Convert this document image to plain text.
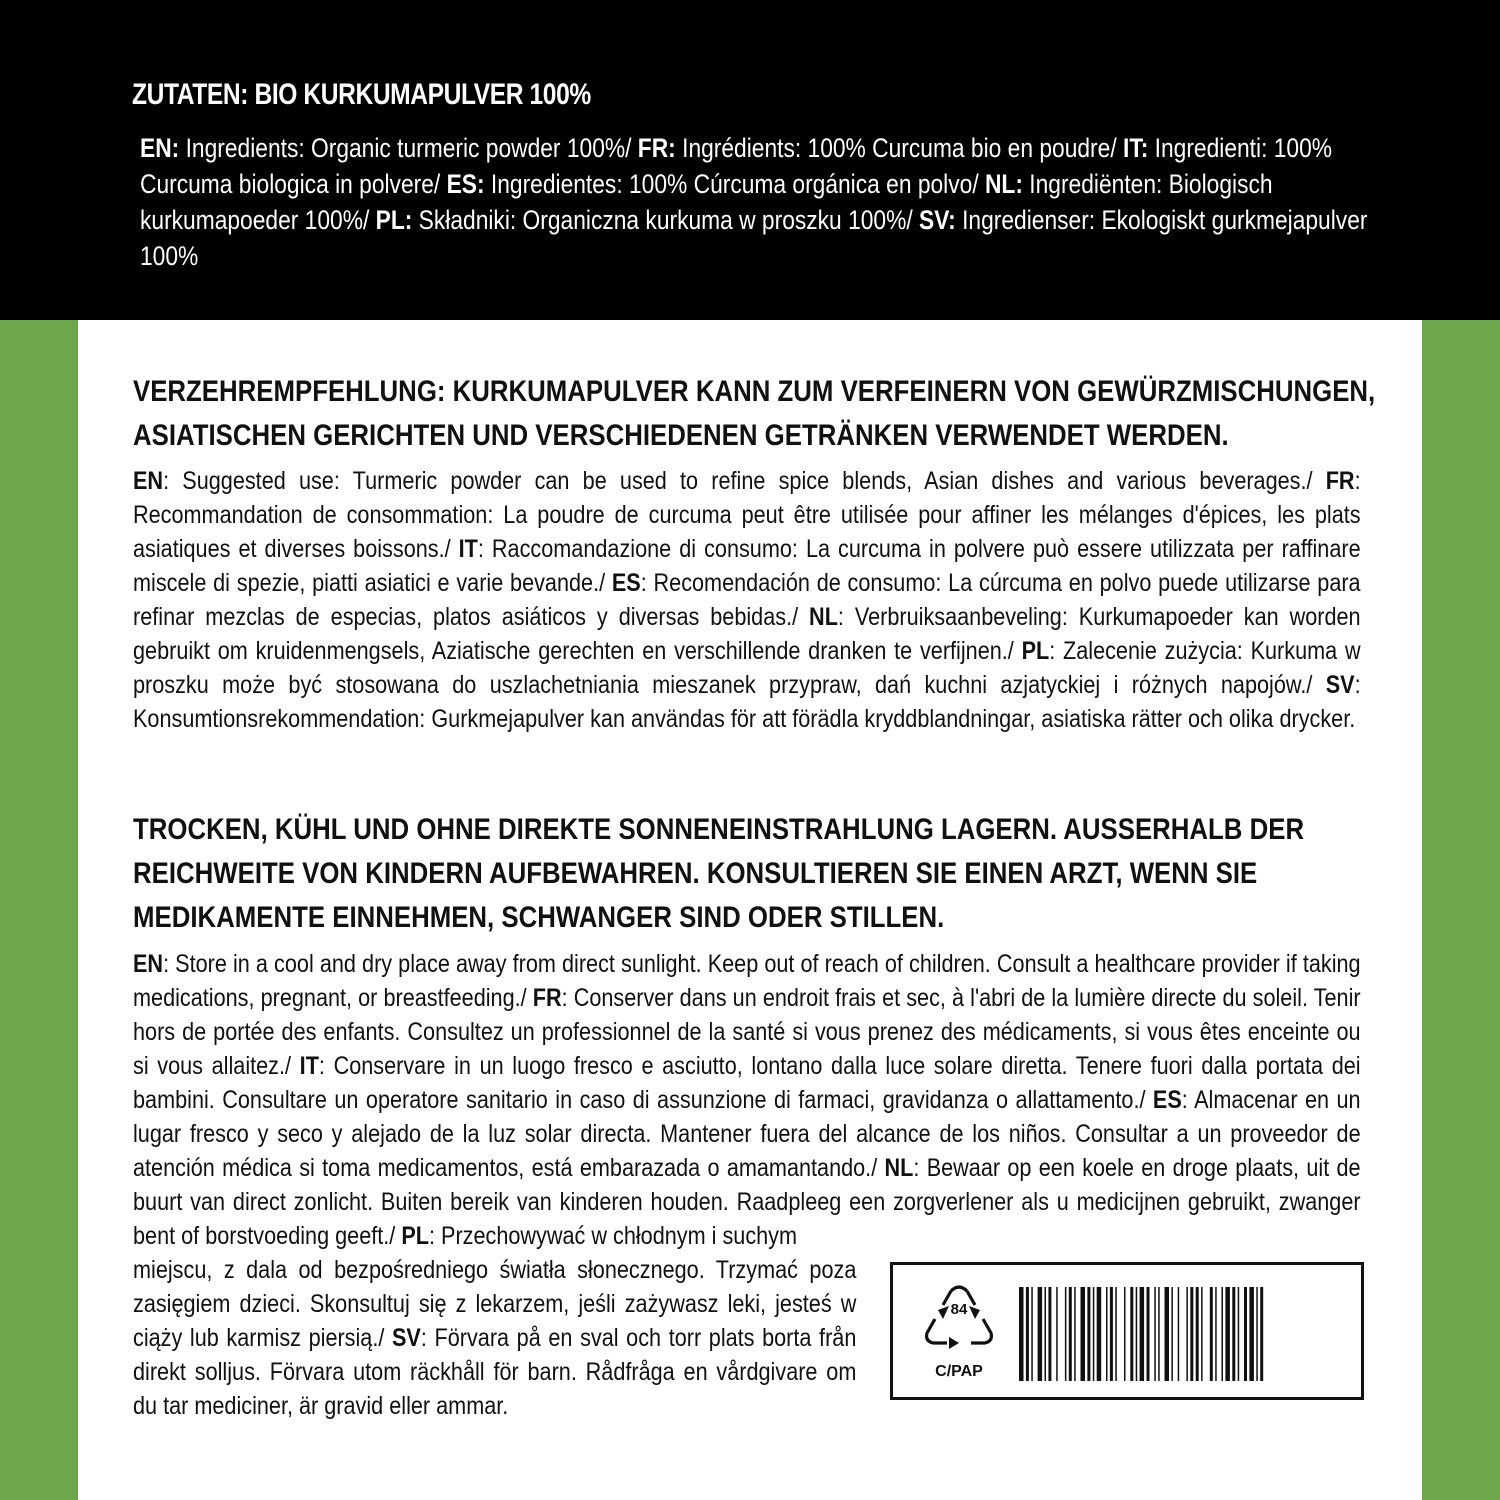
ZUTATEN: BIO KURKUMAPULVER 100%
EN: Ingredients: Organic turmeric powder 100%/ FR: Ingrédients: 100% Curcuma bio en poudre/ IT: Ingredienti: 100% Curcuma biologica in polvere/ ES: Ingredientes: 100% Cúrcuma orgánica en polvo/ NL: Ingrediënten: Biologisch kurkumapoeder 100%/ PL: Składniki: Organiczna kurkuma w proszku 100%/ SV: Ingredienser: Ekologiskt gurkmejapulver 100%
VERZEHREMPFEHLUNG: KURKUMAPULVER KANN ZUM VERFEINERN VON GEWÜRZMISCHUNGEN, ASIATISCHEN GERICHTEN UND VERSCHIEDENEN GETRÄNKEN VERWENDET WERDEN.
EN: Suggested use: Turmeric powder can be used to refine spice blends, Asian dishes and various beverages./ FR: Recommandation de consommation: La poudre de curcuma peut être utilisée pour affiner les mélanges d'épices, les plats asiatiques et diverses boissons./ IT: Raccomandazione di consumo: La curcuma in polvere può essere utilizzata per raffinare miscele di spezie, piatti asiatici e varie bevande./ ES: Recomendación de consumo: La cúrcuma en polvo puede utilizarse para refinar mezclas de especias, platos asiáticos y diversas bebidas./ NL: Verbruiksaanbeveling: Kurkumapoeder kan worden gebruikt om kruidenmengsels, Aziatische gerechten en verschillende dranken te verfijnen./ PL: Zalecenie zużycia: Kurkuma w proszku może być stosowana do uszlachetniania mieszanek przypraw, dań kuchni azjatyckiej i różnych napojów./ SV: Konsumtionsrekommendation: Gurkmejapulver kan användas för att förädla kryddblandningar, asiatiska rätter och olika drycker.
TROCKEN, KÜHL UND OHNE DIREKTE SONNENEINSTRAHLUNG LAGERN. AUSSERHALB DER REICHWEITE VON KINDERN AUFBEWAHREN. KONSULTIEREN SIE EINEN ARZT, WENN SIE MEDIKAMENTE EINNEHMEN, SCHWANGER SIND ODER STILLEN.
EN: Store in a cool and dry place away from direct sunlight. Keep out of reach of children. Consult a healthcare provider if taking medications, pregnant, or breastfeeding./ FR: Conserver dans un endroit frais et sec, à l'abri de la lumière directe du soleil. Tenir hors de portée des enfants. Consultez un professionnel de la santé si vous prenez des médicaments, si vous êtes enceinte ou si vous allaitez./ IT: Conservare in un luogo fresco e asciutto, lontano dalla luce solare diretta. Tenere fuori dalla portata dei bambini. Consultare un operatore sanitario in caso di assunzione di farmaci, gravidanza o allattamento./ ES: Almacenar en un lugar fresco y seco y alejado de la luz solar directa. Mantener fuera del alcance de los niños. Consultar a un proveedor de atención médica si toma medicamentos, está embarazada o amamantando./ NL: Bewaar op een koele en droge plaats, uit de buurt van direct zonlicht. Buiten bereik van kinderen houden. Raadpleeg een zorgverlener als u medicijnen gebruikt, zwanger bent of borstvoeding geeft./ PL: Przechowywać w chłodnym i suchym
miejscu, z dala od bezpośredniego światła słonecznego. Trzymać poza zasięgiem dzieci. Skonsultuj się z lekarzem, jeśli zażywasz leki, jesteś w ciąży lub karmisz piersią./ SV: Förvara på en sval och torr plats borta från direkt solljus. Förvara utom räckhåll för barn. Rådfråga en vårdgivare om du tar mediciner, är gravid eller ammar.
84
C/PAP
